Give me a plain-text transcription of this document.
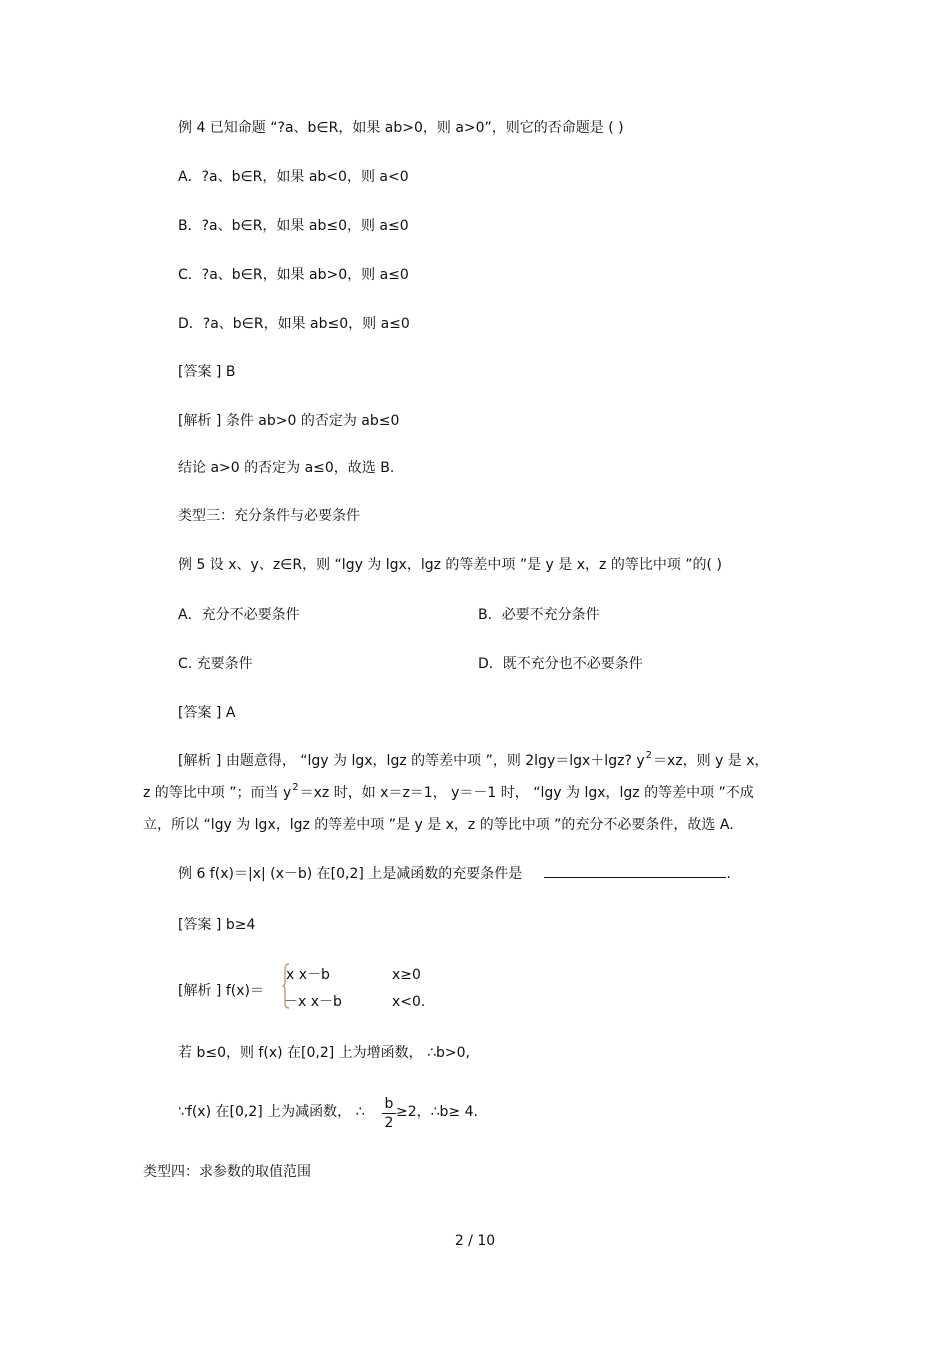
例 4 已知命题 “?a、b∈R，如果 ab>0，则 a>0”，则它的否命题是 ( )
A．?a、b∈R，如果 ab<0，则 a<0
B．?a、b∈R，如果 ab≤0，则 a≤0
C．?a、b∈R，如果 ab>0，则 a≤0
D．?a、b∈R，如果 ab≤0，则 a≤0
[答案 ] B
[解析 ] 条件 ab>0 的否定为 ab≤0
结论 a>0 的否定为 a≤0，故选 B.
类型三：充分条件与必要条件
例 5 设 x、y、z∈R，则 “lgy 为 lgx，lgz 的等差中项 ”是 y 是 x，z 的等比中项 ”的( )
A．充分不必要条件	B．必要不充分条件
C. 充要条件	D．既不充分也不必要条件
[答案 ] A
[解析 ] 由题意得， “lgy 为 lgx，lgz 的等差中项 ”，则 2lgy＝lgx＋lgz? $y^2=xz$，则 y 是 x，
z 的等比中项 ”；而当 $y^2=xz$ 时，如 x＝z＝1， y＝－1 时， “lgy 为 lgx，lgz 的等差中项 ”不成
立，所以 “lgy 为 lgx，lgz 的等差中项 ”是 y 是 x，z 的等比中项 ”的充分不必要条件，故选 A.
例 6 f(x)＝|x| (x－b) 在[0,2] 上是减函数的充要条件是	.
[答案 ] b≥4
[解析 ] f(x)＝
x x－b	x≥0
－x x－b	x<0.
若 b≤0，则 f(x) 在[0,2] 上为增函数， ∴b>0,
∵f(x) 在[0,2] 上为减函数， ∴ b
2
≥2，∴b≥ 4.
类型四：求参数的取值范围
2 / 10
